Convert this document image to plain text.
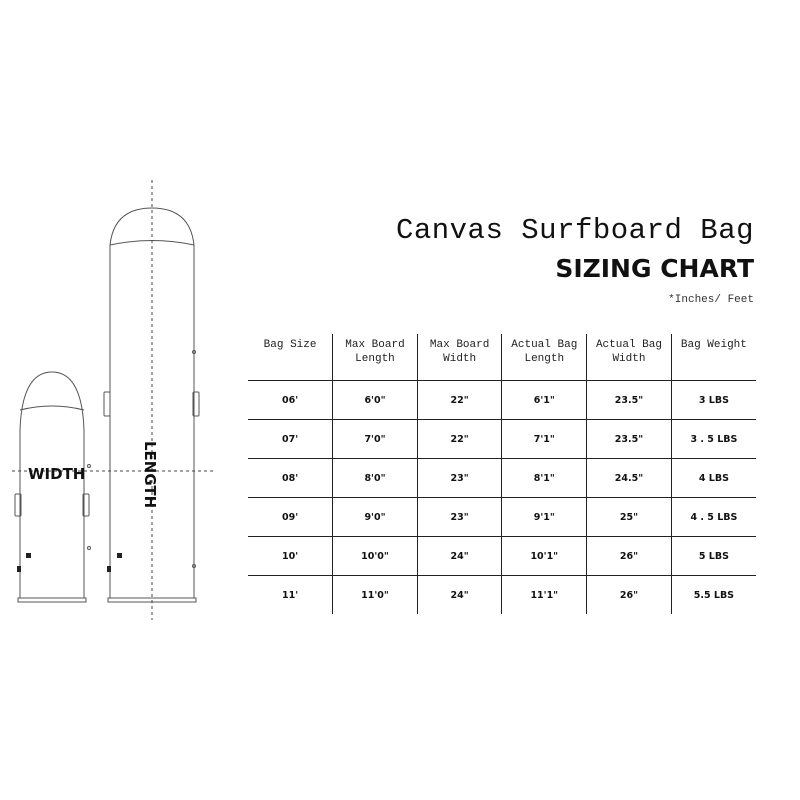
WIDTH	LENGTH
Canvas Surfboard Bag
SIZING CHART
*Inches/ Feet
Bag Size	Max Board Length	Max Board Width	Actual Bag Length	Actual Bag Width	Bag Weight
06'	6'0"	22"	6'1"	23.5"	3 LBS
07'	7'0"	22"	7'1"	23.5"	3 . 5 LBS
08'	8'0"	23"	8'1"	24.5"	4 LBS
09'	9'0"	23"	9'1"	25"	4 . 5 LBS
10'	10'0"	24"	10'1"	26"	5 LBS
11'	11'0"	24"	11'1"	26"	5.5 LBS
